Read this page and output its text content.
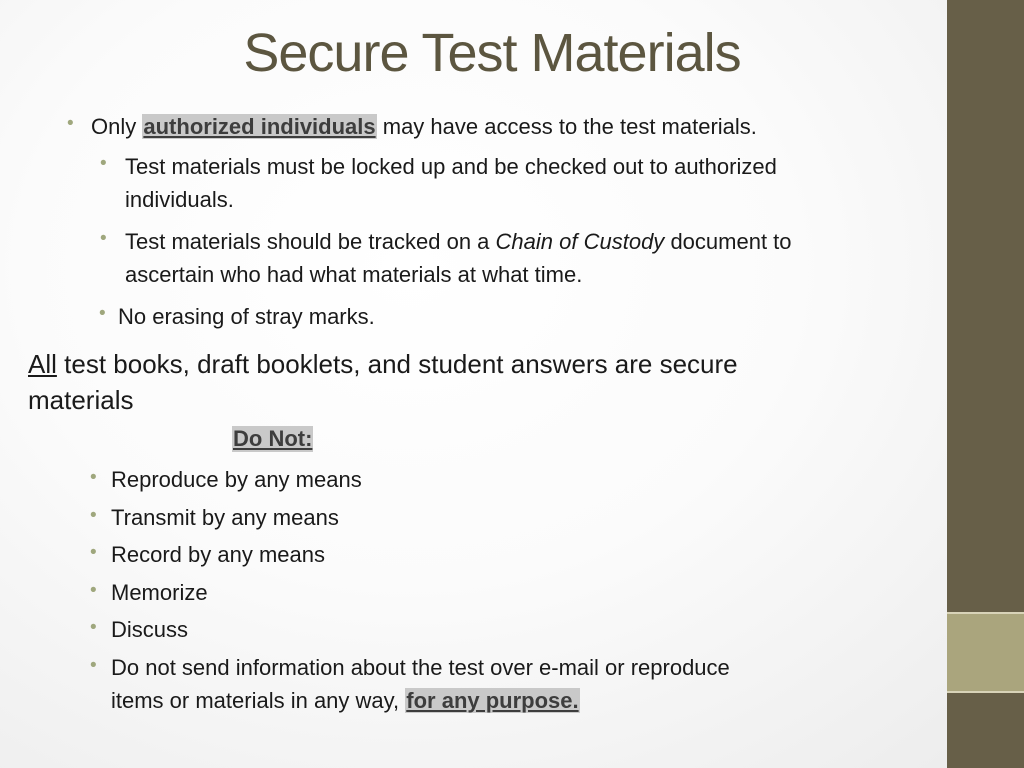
Secure Test Materials
• Only authorized individuals may have access to the test materials.
• Test materials must be locked up and be checked out to authorized
individuals.
• Test materials should be tracked on a Chain of Custody document to
ascertain who had what materials at what time.
• No erasing of stray marks.
All test books, draft booklets, and student answers are secure
materials
Do Not:
• Reproduce by any means
• Transmit by any means
• Record by any means
• Memorize
• Discuss
• Do not send information about the test over e-mail or reproduce
items or materials in any way, for any purpose.
